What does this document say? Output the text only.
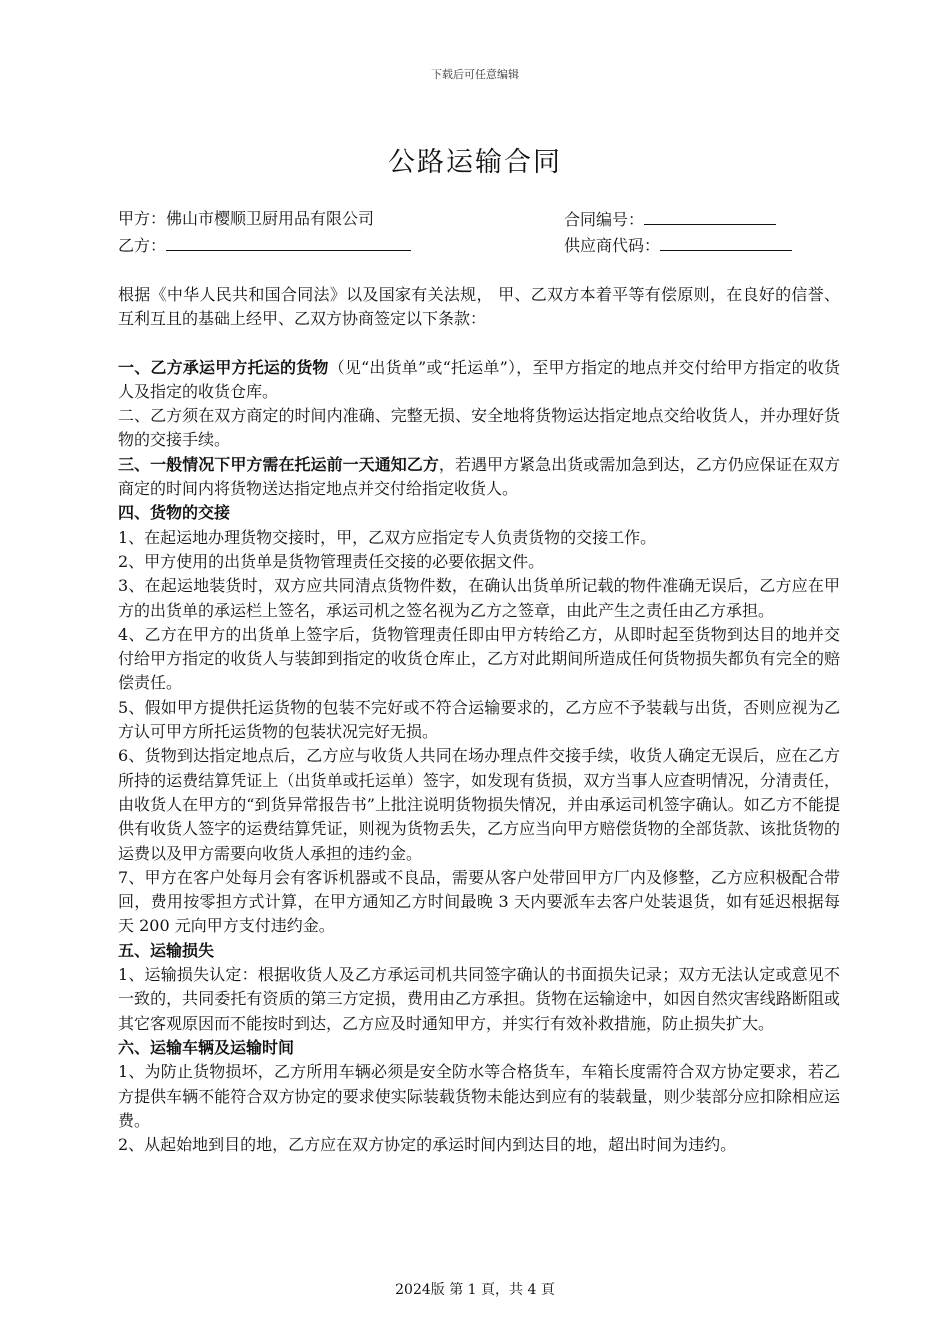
下载后可任意编辑
公路运输合同
甲方：佛山市樱顺卫厨用品有限公司	合同编号：
乙方：	供应商代码：

根据《中华人民共和国合同法》以及国家有关法规， 甲、乙双方本着平等有偿原则，在良好的信誉、互利互且的基础上经甲、乙双方协商签定以下条款：

一、乙方承运甲方托运的货物（见“出货单”或“托运单”），至甲方指定的地点并交付给甲方指定的收货人及指定的收货仓库。

二、乙方须在双方商定的时间内准确、完整无损、安全地将货物运达指定地点交给收货人，并办理好货物的交接手续。

三、一般情况下甲方需在托运前一天通知乙方，若遇甲方紧急出货或需加急到达，乙方仍应保证在双方商定的时间内将货物送达指定地点并交付给指定收货人。

四、货物的交接

1、在起运地办理货物交接时，甲，乙双方应指定专人负责货物的交接工作。

2、甲方使用的出货单是货物管理责任交接的必要依据文件。

3、在起运地装货时，双方应共同清点货物件数，在确认出货单所记载的物件准确无误后，乙方应在甲方的出货单的承运栏上签名，承运司机之签名视为乙方之签章，由此产生之责任由乙方承担。

4、乙方在甲方的出货单上签字后，货物管理责任即由甲方转给乙方，从即时起至货物到达目的地并交付给甲方指定的收货人与装卸到指定的收货仓库止，乙方对此期间所造成任何货物损失都负有完全的赔偿责任。

5、假如甲方提供托运货物的包装不完好或不符合运输要求的，乙方应不予装载与出货，否则应视为乙方认可甲方所托运货物的包装状况完好无损。

6、货物到达指定地点后，乙方应与收货人共同在场办理点件交接手续，收货人确定无误后，应在乙方所持的运费结算凭证上（出货单或托运单）签字，如发现有货损，双方当事人应查明情况，分清责任，由收货人在甲方的“到货异常报告书”上批注说明货物损失情况，并由承运司机签字确认。如乙方不能提供有收货人签字的运费结算凭证，则视为货物丢失，乙方应当向甲方赔偿货物的全部货款、该批货物的运费以及甲方需要向收货人承担的违约金。

7、甲方在客户处每月会有客诉机器或不良品，需要从客户处带回甲方厂内及修整，乙方应积极配合带回，费用按零担方式计算，在甲方通知乙方时间最晚 3 天内要派车去客户处装退货，如有延迟根据每天 200 元向甲方支付违约金。

五、运输损失

1、运输损失认定：根据收货人及乙方承运司机共同签字确认的书面损失记录；双方无法认定或意见不一致的，共同委托有资质的第三方定损，费用由乙方承担。货物在运输途中，如因自然灾害线路断阻或其它客观原因而不能按时到达，乙方应及时通知甲方，并实行有效补救措施，防止损失扩大。

六、运输车辆及运输时间

1、为防止货物损坏，乙方所用车辆必须是安全防水等合格货车，车箱长度需符合双方协定要求，若乙方提供车辆不能符合双方协定的要求使实际装载货物未能达到应有的装载量，则少装部分应扣除相应运费。

2、从起始地到目的地，乙方应在双方协定的承运时间内到达目的地，超出时间为违约。

2024版 第 1 頁，共 4 頁
